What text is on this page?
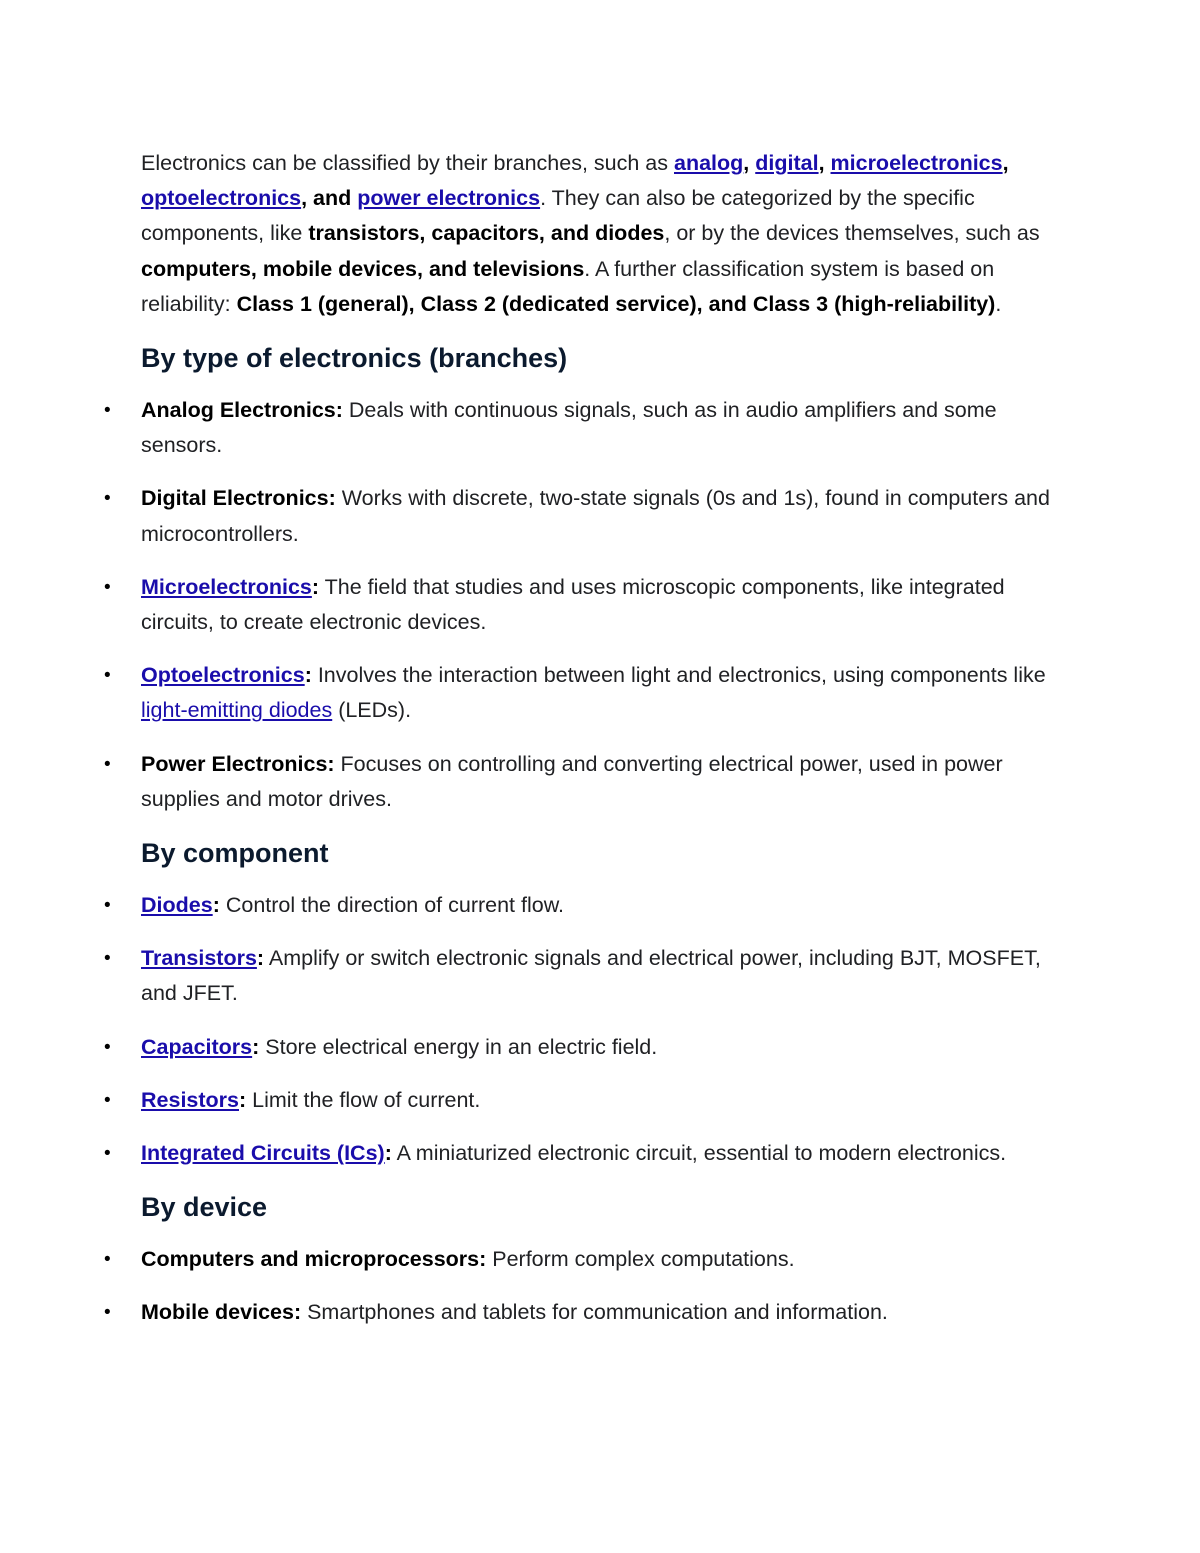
Electronics can be classified by their branches, such as analog, digital, microelectronics, optoelectronics, and power electronics. They can also be categorized by the specific components, like transistors, capacitors, and diodes, or by the devices themselves, such as computers, mobile devices, and televisions. A further classification system is based on reliability: Class 1 (general), Class 2 (dedicated service), and Class 3 (high-reliability).

By type of electronics (branches)
• Analog Electronics: Deals with continuous signals, such as in audio amplifiers and some sensors.
• Digital Electronics: Works with discrete, two-state signals (0s and 1s), found in computers and microcontrollers.
• Microelectronics: The field that studies and uses microscopic components, like integrated circuits, to create electronic devices.
• Optoelectronics: Involves the interaction between light and electronics, using components like light-emitting diodes (LEDs).
• Power Electronics: Focuses on controlling and converting electrical power, used in power supplies and motor drives.
By component
• Diodes: Control the direction of current flow.
• Transistors: Amplify or switch electronic signals and electrical power, including BJT, MOSFET, and JFET.
• Capacitors: Store electrical energy in an electric field.
• Resistors: Limit the flow of current.
• Integrated Circuits (ICs): A miniaturized electronic circuit, essential to modern electronics.
By device
• Computers and microprocessors: Perform complex computations.
• Mobile devices: Smartphones and tablets for communication and information.
